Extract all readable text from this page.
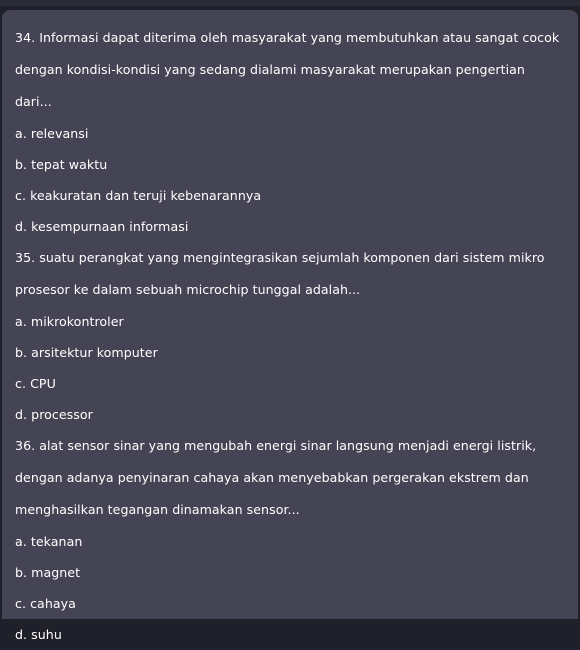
34. Informasi dapat diterima oleh masyarakat yang membutuhkan atau sangat cocok dengan kondisi-kondisi yang sedang dialami masyarakat merupakan pengertian dari...
a. relevansi
b. tepat waktu
c. keakuratan dan teruji kebenarannya
d. kesempurnaan informasi
35. suatu perangkat yang mengintegrasikan sejumlah komponen dari sistem mikro prosesor ke dalam sebuah microchip tunggal adalah...
a. mikrokontroler
b. arsitektur komputer
c. CPU
d. processor
36. alat sensor sinar yang mengubah energi sinar langsung menjadi energi listrik, dengan adanya penyinaran cahaya akan menyebabkan pergerakan ekstrem dan menghasilkan tegangan dinamakan sensor...
a. tekanan
b. magnet
c. cahaya
d. suhu
